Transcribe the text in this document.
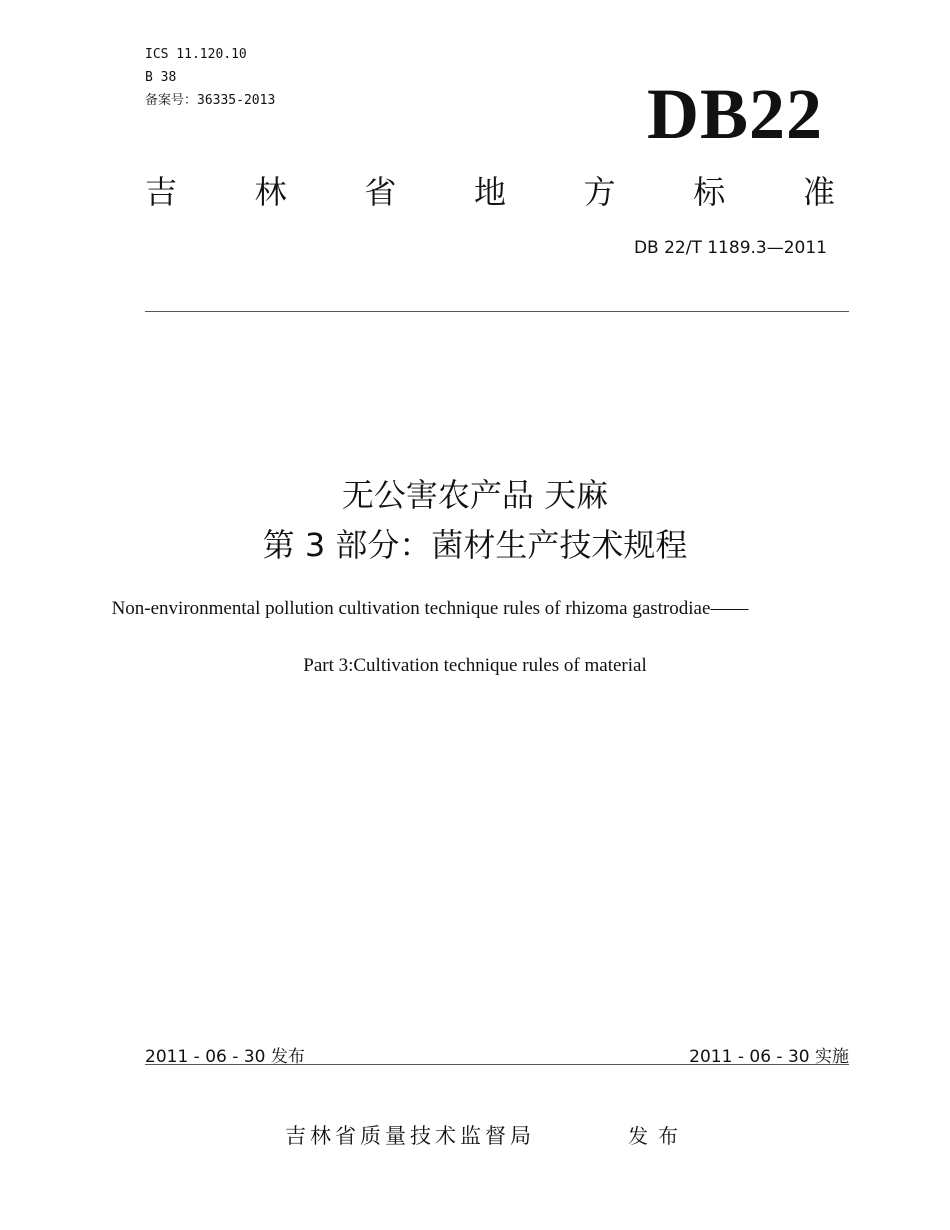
ICS 11.120.10
B 38
备案号：36335-2013	DB22
吉 林 省 地 方 标 准
DB 22/T 1189.3—2011
无公害农产品 天麻
第 3 部分：菌材生产技术规程
Non-environmental pollution cultivation technique rules of rhizoma gastrodiae——
Part 3:Cultivation technique rules of material
2011 - 06 - 30 发布	2011 - 06 - 30 实施
吉林省质量技术监督局	发布
